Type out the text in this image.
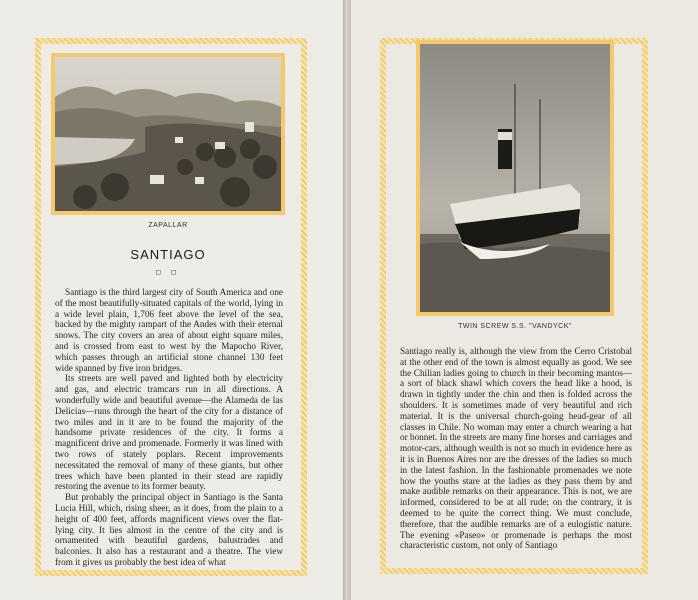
ZAPALLAR
SANTIAGO
◻ ◻

Santiago is the third largest city of South America and one of the most beautifully-situated capitals of the world, lying in a wide level plain, 1,706 feet above the level of the sea, backed by the mighty rampart of the Andes with their eternal snows. The city covers an area of about eight square miles, and is crossed from east to west by the Mapocho River, which passes through an artificial stone channel 130 feet wide spanned by five iron bridges.

Its streets are well paved and lighted both by electricity and gas, and electric tramcars run in all directions. A wonderfully wide and beautiful avenue—the Alameda de las Delicias—runs through the heart of the city for a distance of two miles and in it are to be found the majority of the handsome private residences of the city. It forms a magnificent drive and promenade. Formerly it was lined with two rows of stately poplars. Recent improvements necessitated the removal of many of these giants, but other trees which have been planted in their stead are rapidly restoring the avenue to its former beauty.

But probably the principal object in Santiago is the Santa Lucia Hill, which, rising sheer, as it does, from the plain to a height of 400 feet, affords magnificent views over the flat-lying city. It lies almost in the centre of the city and is ornamented with beautiful gardens, balustrades and balconies. It also has a restaurant and a theatre. The view from it gives us probably the best idea of what

TWIN SCREW S.S. "VANDYCK"

Santiago really is, although the view from the Cerro Cristobal at the other end of the town is almost equally as good. We see the Chilian ladies going to church in their becoming mantos—a sort of black shawl which covers the head like a hood, is drawn in tightly under the chin and then is folded across the shoulders. It is sometimes made of very beautiful and rich material. It is the universal church-going head-gear of all classes in Chile. No woman may enter a church wearing a hat or bonnet. In the streets are many fine horses and carriages and motor-cars, although wealth is not so much in evidence here as it is in Buenos Aires nor are the dresses of the ladies so much in the latest fashion. In the fashionable promenades we note how the youths stare at the ladies as they pass them by and make audible remarks on their appearance. This is not, we are informed, considered to be at all rude; on the contrary, it is deemed to be quite the correct thing. We must conclude, therefore, that the audible remarks are of a eulogistic nature. The evening «Paseo» or promenade is perhaps the most characteristic custom, not only of Santiago
